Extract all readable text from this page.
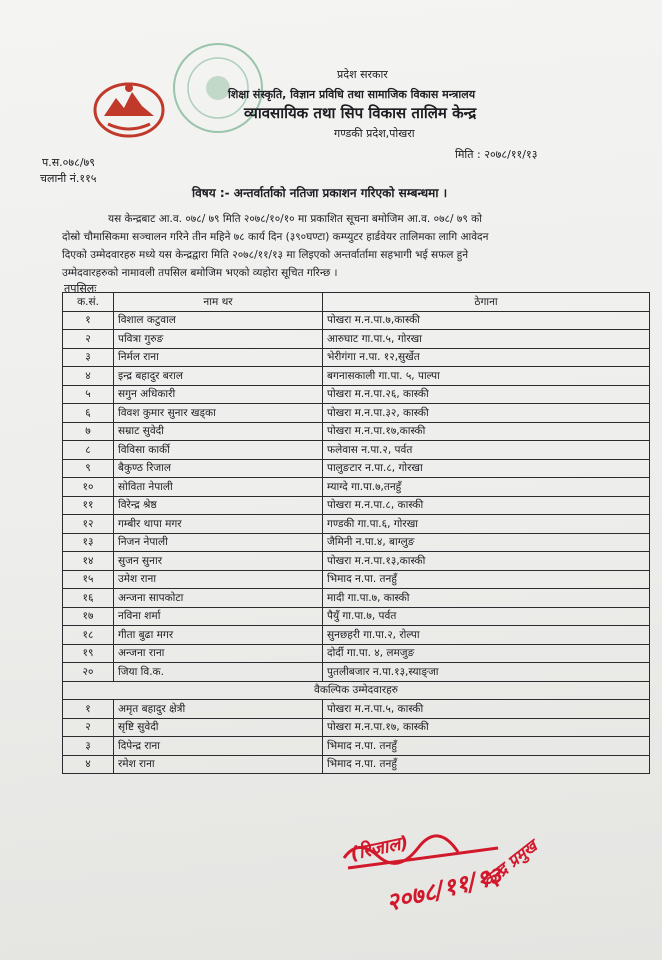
प्रदेश सरकार
शिक्षा संस्कृति, विज्ञान प्रविधि तथा सामाजिक विकास मन्त्रालय
व्यावसायिक तथा सिप विकास तालिम केन्द्र
गण्डकी प्रदेश,पोखरा
प.स.०७८/७९
चलानी नं.११५
मिति : २०७८/११/१३
विषय :- अन्तर्वार्ताको नतिजा प्रकाशन गरिएको सम्बन्धमा ।
यस केन्द्रबाट आ.व. ०७८/ ७९ मिति २०७८/१०/१० मा प्रकाशित सूचना बमोजिम आ.व. ०७८/ ७९ को
दोस्रो चौमासिकमा सञ्चालन गरिने तीन महिने ७८ कार्य दिन (३९०घण्टा) कम्प्युटर हार्डवेयर तालिमका लागि आवेदन
दिएको उम्मेदवारहरु मध्ये यस केन्द्रद्वारा मिति २०७८/११/१३ मा लिइएको अन्तर्वार्तामा सहभागी भई सफल हुने
उम्मेदवारहरुको नामावली तपसिल बमोजिम भएको व्यहोरा सूचित गरिन्छ ।
तपसिलः
क.सं.	नाम थर	ठेगाना
१	विशाल कटुवाल	पोखरा म.न.पा.७,कास्की
२	पवित्रा गुरुङ	आरुघाट गा.पा.५, गोरखा
३	निर्मल राना	भेरीगंगा न.पा. १२,सुर्खेत
४	इन्द्र बहादुर बराल	बगनासकाली गा.पा. ५, पाल्पा
५	सगुन अधिकारी	पोखरा म.न.पा.२६, कास्की
६	विवश कुमार सुनार खड्का	पोखरा म.न.पा.३२, कास्की
७	सम्राट सुवेदी	पोखरा म.न.पा.१७,कास्की
८	विविसा कार्की	फलेवास न.पा.२, पर्वत
९	बैकुण्ठ रिजाल	पालुङटार न.पा.८, गोरखा
१०	सोविता नेपाली	म्याग्दे गा.पा.७,तनहुँ
११	विरेन्द्र श्रेष्ठ	पोखरा म.न.पा.८, कास्की
१२	गम्बीर थापा मगर	गण्डकी गा.पा.६, गोरखा
१३	निजन नेपाली	जैमिनी न.पा.४, बाग्लुङ
१४	सुजन सुनार	पोखरा म.न.पा.१३,कास्की
१५	उमेश राना	भिमाद न.पा. तनहुँ
१६	अन्जना सापकोटा	मादी गा.पा.७, कास्की
१७	नविना शर्मा	पैयुँ गा.पा.७, पर्वत
१८	गीता बुढा मगर	सुनछहरी गा.पा.२, रोल्पा
१९	अन्जना राना	दोर्दी गा.पा. ४, लमजुङ
२०	जिया वि.क.	पुतलीबजार न.पा.१३,स्याङ्जा
वैकल्पिक उम्मेदवारहरु		
१	अमृत बहादुर क्षेत्री	पोखरा म.न.पा.५, कास्की
२	सृष्टि सुवेदी	पोखरा म.न.पा.१७, कास्की
३	दिपेन्द्र राना	भिमाद न.पा. तनहुँ
४	रमेश राना	भिमाद न.पा. तनहुँ
(रिजाल)
२०७८/११/१३
केन्द्र प्रमुख
